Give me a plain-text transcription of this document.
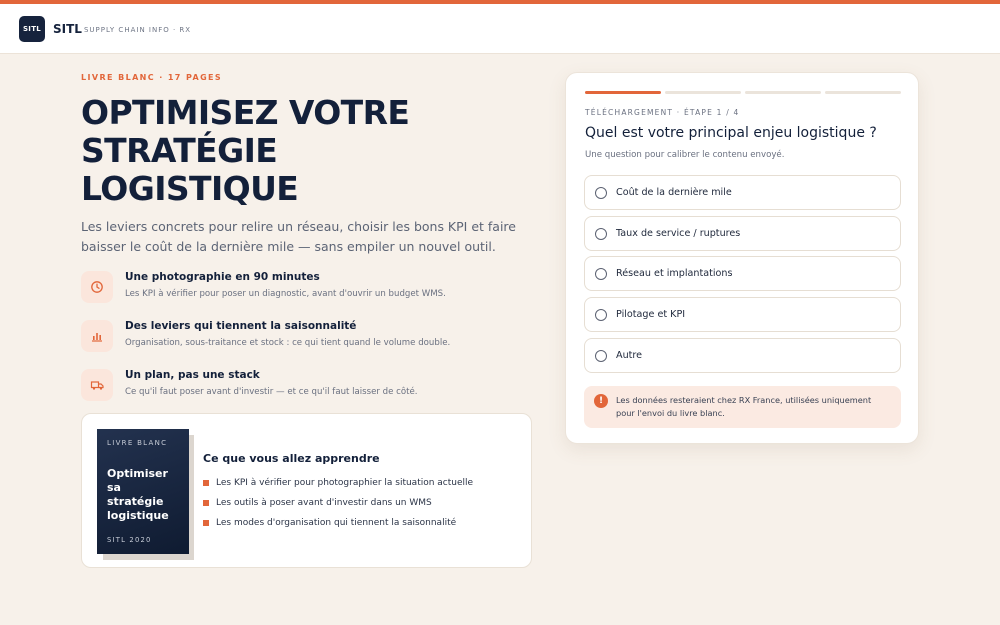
SITL SITL SUPPLY CHAIN INFO · RX
LIVRE BLANC · 17 PAGES
OPTIMISEZ VOTRE
STRATÉGIE
LOGISTIQUE

Les leviers concrets pour relire un réseau, choisir les bons KPI et faire baisser le coût de la dernière mile — sans empiler un nouvel outil.

Une photographie en 90 minutes
Les KPI à vérifier pour poser un diagnostic, avant d'ouvrir un budget WMS.
Des leviers qui tiennent la saisonnalité
Organisation, sous-traitance et stock : ce qui tient quand le volume double.
Un plan, pas une stack
Ce qu'il faut poser avant d'investir — et ce qu'il faut laisser de côté.
LIVRE BLANC
Optimiser sa stratégie logistique
SITL 2020
Ce que vous allez apprendre
Les KPI à vérifier pour photographier la situation actuelle
Les outils à poser avant d'investir dans un WMS
Les modes d'organisation qui tiennent la saisonnalité
TÉLÉCHARGEMENT · ÉTAPE 1 / 4
Quel est votre principal enjeu logistique ?
Une question pour calibrer le contenu envoyé.
Coût de la dernière mile
Taux de service / ruptures
Réseau et implantations
Pilotage et KPI
Autre
!	Les données resteraient chez RX France, utilisées uniquement pour l'envoi du livre blanc.
